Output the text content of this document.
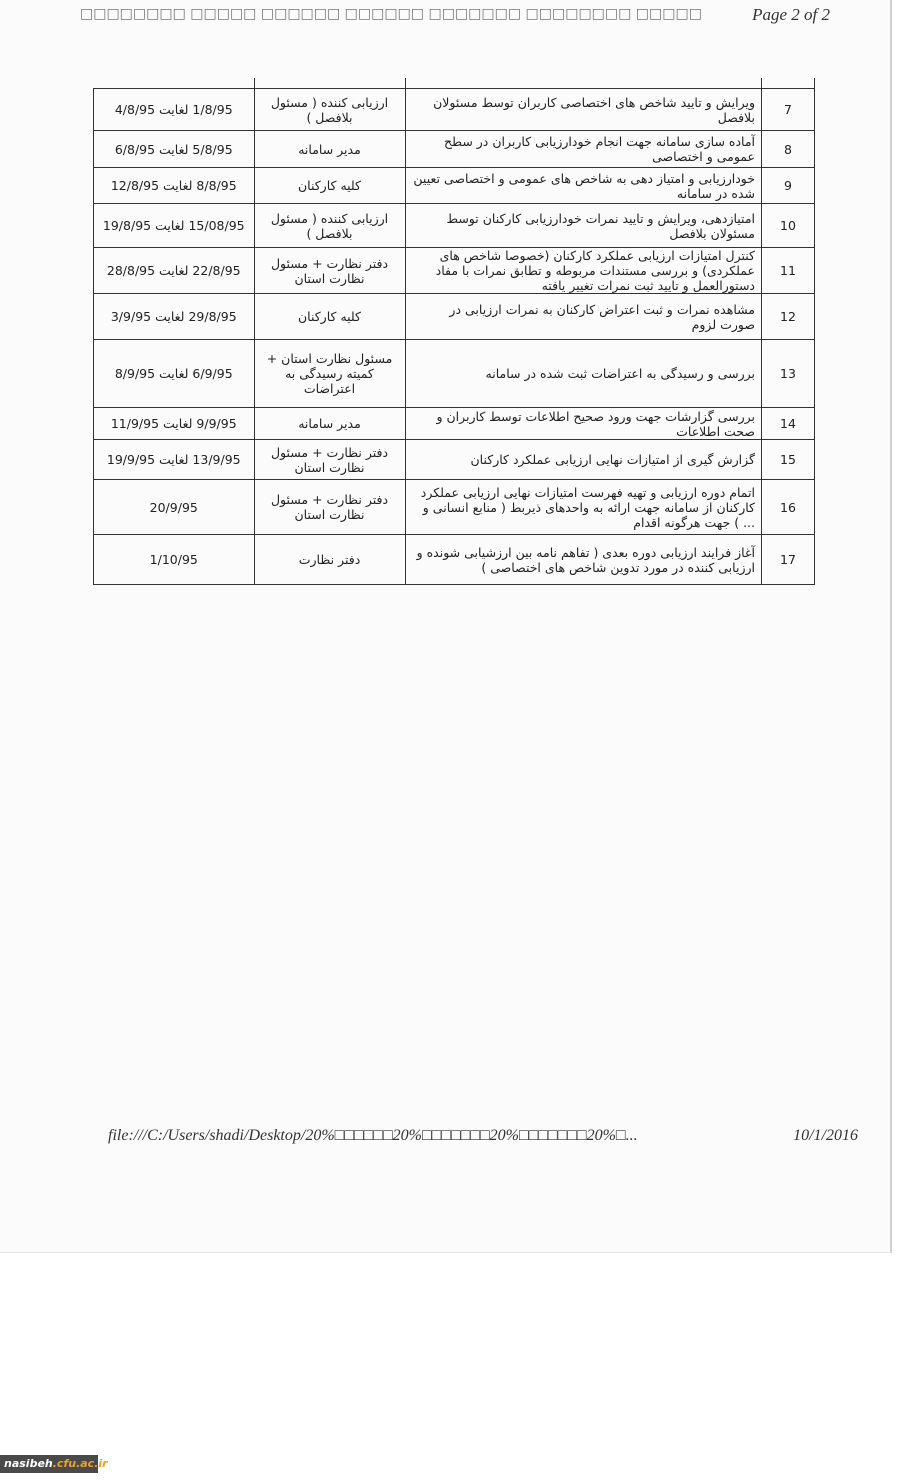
□□□□□□□□ □□□□□ □□□□□□ □□□□□□ □□□□□□□ □□□□□□□□ □□□□□	Page 2 of 2

1/8/95 لغایت 4/8/95	ارزیابی کننده ( مسئول بلافصل )	ویرایش و تایید شاخص های اختصاصی کاربران توسط مسئولان بلافصل	7
5/8/95 لغایت 6/8/95	مدیر سامانه	آماده سازی سامانه جهت انجام خودارزیابی کاربران در سطح عمومی و اختصاصی	8
8/8/95 لغایت 12/8/95	کلیه کارکنان	خودارزیابی و امتیاز دهی به شاخص های عمومی و اختصاصی تعیین شده در سامانه	9
15/08/95 لغایت 19/8/95	ارزیابی کننده ( مسئول بلافصل )	امتیازدهی، ویرایش و تایید نمرات خودارزیابی کارکنان توسط مسئولان بلافصل	10
22/8/95 لغایت 28/8/95	دفتر نظارت + مسئول نظارت استان	کنترل امتیازات ارزیابی عملکرد کارکنان (خصوصا شاخص های عملکردی) و بررسی مستندات مربوطه و تطابق نمرات با مفاد دستورالعمل و تایید ثبت نمرات تغییر یافته	11
29/8/95 لغایت 3/9/95	کلیه کارکنان	مشاهده نمرات و ثبت اعتراض کارکنان به نمرات ارزیابی در صورت لزوم	12
6/9/95 لغایت 8/9/95	مسئول نظارت استان + کمیته رسیدگی به اعتراضات	بررسی و رسیدگی به اعتراضات ثبت شده در سامانه	13
9/9/95 لغایت 11/9/95	مدیر سامانه	بررسی گزارشات جهت ورود صحیح اطلاعات توسط کاربران و صحت اطلاعات	14
13/9/95 لغایت 19/9/95	دفتر نظارت + مسئول نظارت استان	گزارش گیری از امتیازات نهایی ارزیابی عملکرد کارکنان	15
20/9/95	دفتر نظارت + مسئول نظارت استان	اتمام دوره ارزیابی و تهیه فهرست امتیازات نهایی ارزیابی عملکرد کارکنان از سامانه جهت ارائه به واحدهای ذیربط ( منابع انسانی و ... ) جهت هرگونه اقدام	16
1/10/95	دفتر نظارت	آغاز فرایند ارزیابی دوره بعدی ( تفاهم نامه بین ارزشیابی شونده و ارزیابی کننده در مورد تدوین شاخص های اختصاصی )	17
file:///C:/Users/shadi/Desktop/20%□□□□□□20%□□□□□□□20%□□□□□□□20%□...	10/1/2016
nasibeh.cfu.ac.ir
